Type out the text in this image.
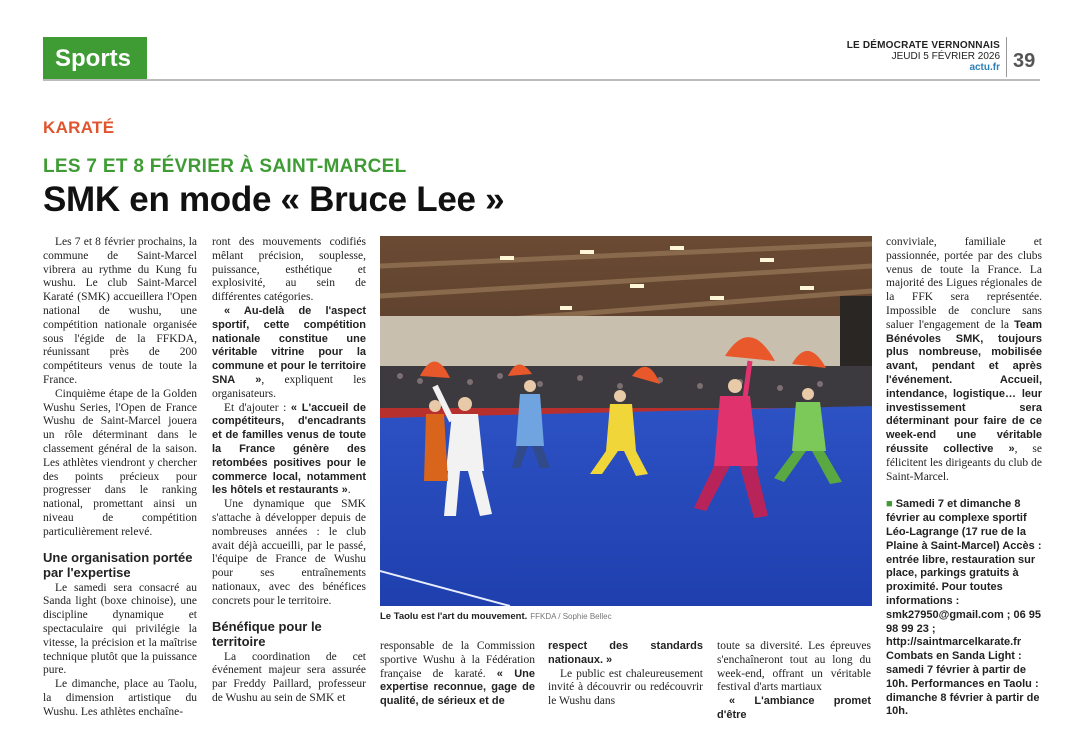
Sports	LE DÉMOCRATE VERNONNAIS
JEUDI 5 FÉVRIER 2026
actu.fr 39
KARATÉ
LES 7 ET 8 FÉVRIER À SAINT-MARCEL
SMK en mode « Bruce Lee »

Les 7 et 8 février prochains, la commune de Saint-Marcel vibrera au rythme du Kung fu wushu. Le club Saint-Marcel Karaté (SMK) accueillera l'Open national de wushu, une compétition nationale organisée sous l'égide de la FFKDA, réunissant près de 200 compétiteurs venus de toute la France.

Cinquième étape de la Golden Wushu Series, l'Open de France Wushu de Saint-Marcel jouera un rôle déterminant dans le classement général de la saison. Les athlètes viendront y chercher des points précieux pour progresser dans le ranking national, promettant ainsi un niveau de compétition particulièrement relevé.

Une organisation portée par l'expertise

Le samedi sera consacré au Sanda light (boxe chinoise), une discipline dynamique et spectaculaire qui privilégie la vitesse, la précision et la maîtrise technique plutôt que la puissance pure.

Le dimanche, place au Taolu, la dimension artistique du Wushu. Les athlètes enchaîne-

ront des mouvements codifiés mêlant précision, souplesse, puissance, esthétique et explosivité, au sein de différentes catégories.

« Au-delà de l'aspect sportif, cette compétition nationale constitue une véritable vitrine pour la commune et pour le territoire SNA », expliquent les organisateurs.

Et d'ajouter : « L'accueil de compétiteurs, d'encadrants et de familles venus de toute la France génère des retombées positives pour le commerce local, notamment les hôtels et restaurants ».

Une dynamique que SMK s'attache à développer depuis de nombreuses années : le club avait déjà accueilli, par le passé, l'équipe de France de Wushu pour ses entraînements nationaux, avec des bénéfices concrets pour le territoire.

Bénéfique pour le territoire

La coordination de cet événement majeur sera assurée par Freddy Paillard, professeur de Wushu au sein de SMK et

Le Taolu est l'art du mouvement. FFKDA / Sophie Bellec

responsable de la Commission sportive Wushu à la Fédération française de karaté. « Une expertise reconnue, gage de qualité, de sérieux et de

respect des standards nationaux. »

Le public est chaleureusement invité à découvrir ou redécouvrir le Wushu dans

toute sa diversité. Les épreuves s'enchaîneront tout au long du week-end, offrant un véritable festival d'arts martiaux

« L'ambiance promet d'être

conviviale, familiale et passionnée, portée par des clubs venus de toute la France. La majorité des Ligues régionales de la FFK sera représentée. Impossible de conclure sans saluer l'engagement de la Team Bénévoles SMK, toujours plus nombreuse, mobilisée avant, pendant et après l'événement. Accueil, intendance, logistique… leur investissement sera déterminant pour faire de ce week-end une véritable réussite collective », se félicitent les dirigeants du club de Saint-Marcel.

■ Samedi 7 et dimanche 8 février au complexe sportif Léo-Lagrange (17 rue de la Plaine à Saint-Marcel) Accès : entrée libre, restauration sur place, parkings gratuits à proximité. Pour toutes informations : smk27950@gmail.com ; 06 95 98 99 23 ; http://saintmarcelkarate.fr Combats en Sanda Light : samedi 7 février à partir de 10h. Performances en Taolu : dimanche 8 février à partir de 10h.
